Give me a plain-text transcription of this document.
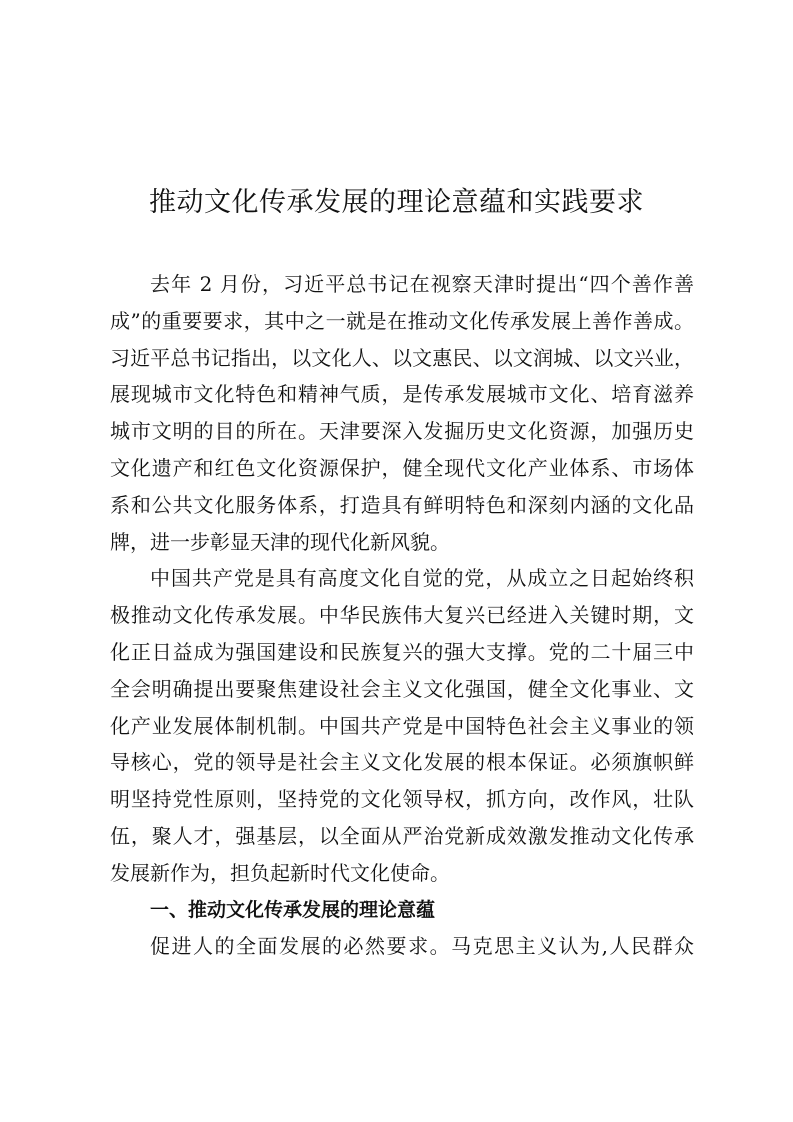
推动文化传承发展的理论意蕴和实践要求
去年 2 月份，习近平总书记在视察天津时提出“四个善作善
成”的重要要求，其中之一就是在推动文化传承发展上善作善成。
习近平总书记指出，以文化人、以文惠民、以文润城、以文兴业，
展现城市文化特色和精神气质，是传承发展城市文化、培育滋养
城市文明的目的所在。天津要深入发掘历史文化资源，加强历史
文化遗产和红色文化资源保护，健全现代文化产业体系、市场体
系和公共文化服务体系，打造具有鲜明特色和深刻内涵的文化品
牌，进一步彰显天津的现代化新风貌。
中国共产党是具有高度文化自觉的党，从成立之日起始终积
极推动文化传承发展。中华民族伟大复兴已经进入关键时期，文
化正日益成为强国建设和民族复兴的强大支撑。党的二十届三中
全会明确提出要聚焦建设社会主义文化强国，健全文化事业、文
化产业发展体制机制。中国共产党是中国特色社会主义事业的领
导核心，党的领导是社会主义文化发展的根本保证。必须旗帜鲜
明坚持党性原则，坚持党的文化领导权，抓方向，改作风，壮队
伍，聚人才，强基层，以全面从严治党新成效激发推动文化传承
发展新作为，担负起新时代文化使命。
一、推动文化传承发展的理论意蕴
促进人的全面发展的必然要求。马克思主义认为,人民群众
